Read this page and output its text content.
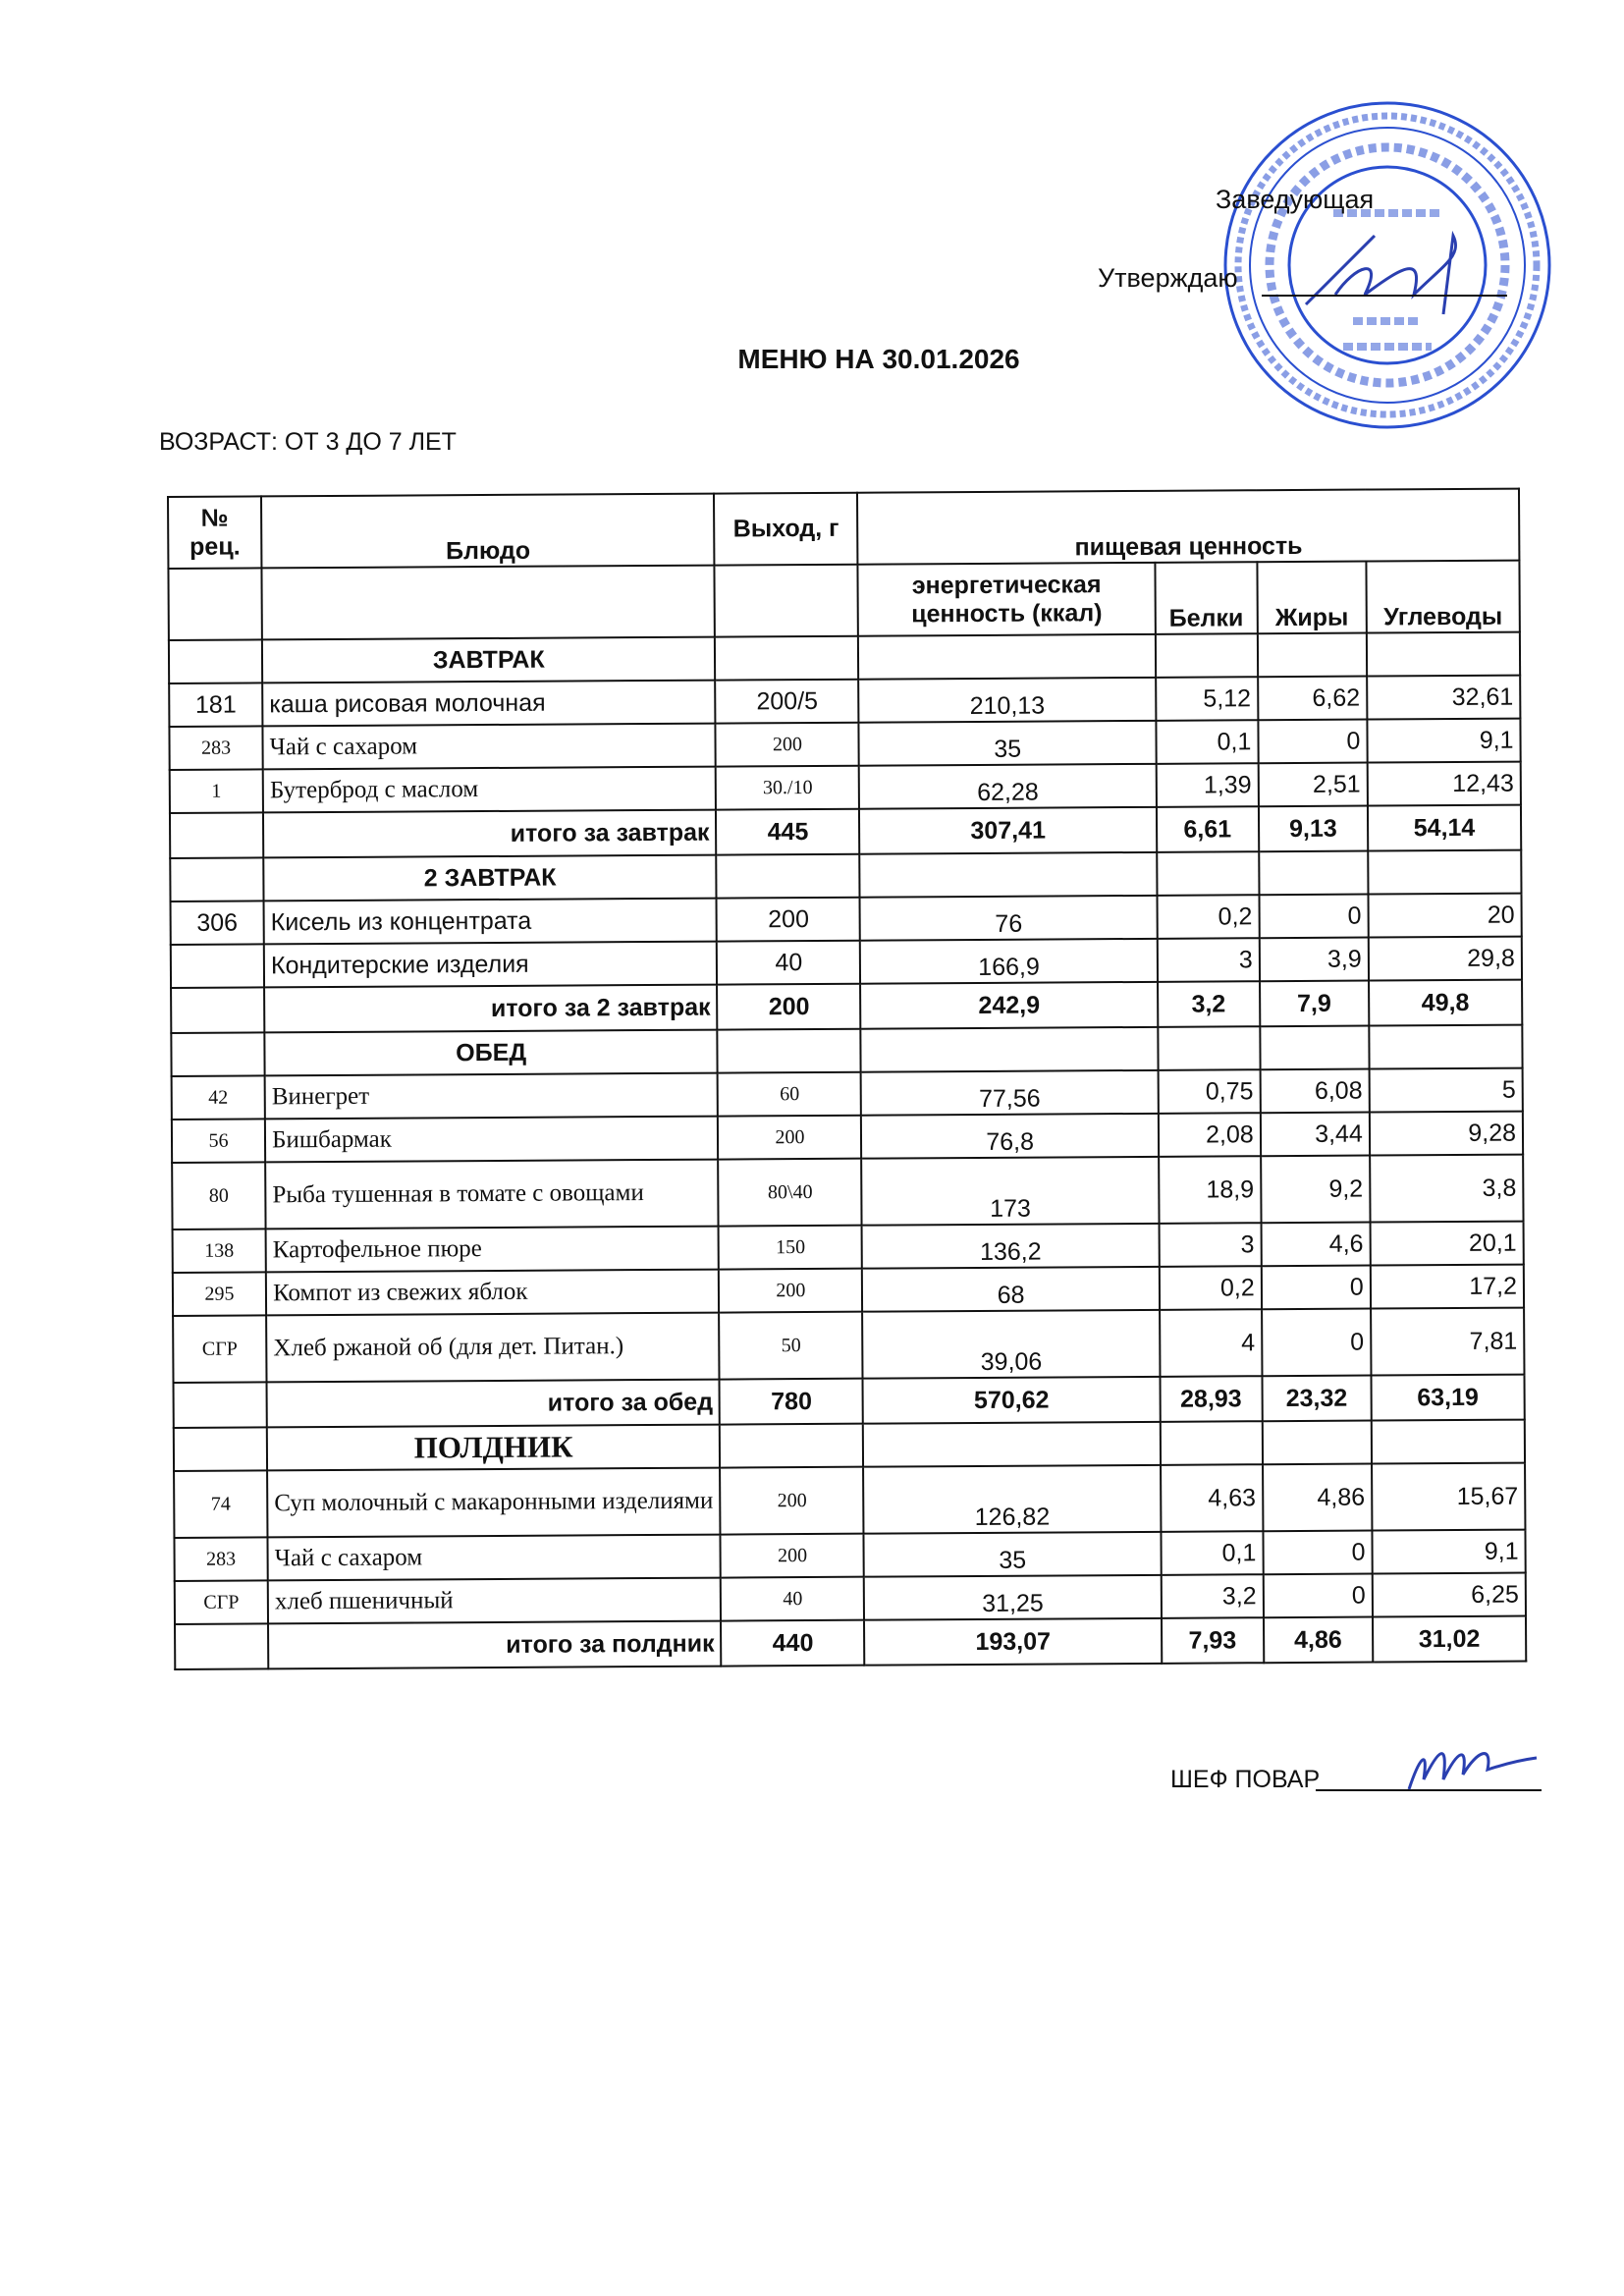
Заведующая
Утверждаю
МЕНЮ НА 30.01.2026
ВОЗРАСТ: ОТ 3 ДО 7 ЛЕТ
№ рец.	Блюдо	Выход, г	пищевая ценность			
			энергетическая ценность (ккал)	Белки	Жиры	Углеводы
	ЗАВТРАК					
181	каша рисовая молочная	200/5	210,13	5,12	6,62	32,61
283	Чай с сахаром	200	35	0,1	0	9,1
1	Бутерброд с маслом	30./10	62,28	1,39	2,51	12,43
	итого за завтрак	445	307,41	6,61	9,13	54,14
	2 ЗАВТРАК					
306	Кисель из концентрата	200	76	0,2	0	20
	Кондитерские изделия	40	166,9	3	3,9	29,8
	итого за 2 завтрак	200	242,9	3,2	7,9	49,8
	ОБЕД					
42	Винегрет	60	77,56	0,75	6,08	5
56	Бишбармак	200	76,8	2,08	3,44	9,28
80	Рыба тушенная в томате с овощами	80\40	173	18,9	9,2	3,8
138	Картофельное пюре	150	136,2	3	4,6	20,1
295	Компот из свежих яблок	200	68	0,2	0	17,2
СГР	Хлеб ржаной об (для дет. Питан.)	50	39,06	4	0	7,81
	итого за обед	780	570,62	28,93	23,32	63,19
	ПОЛДНИК					
74	Суп молочный с макаронными изделиями	200	126,82	4,63	4,86	15,67
283	Чай с сахаром	200	35	0,1	0	9,1
СГР	хлеб пшеничный	40	31,25	3,2	0	6,25
	итого за полдник	440	193,07	7,93	4,86	31,02
ШЕФ ПОВАР
